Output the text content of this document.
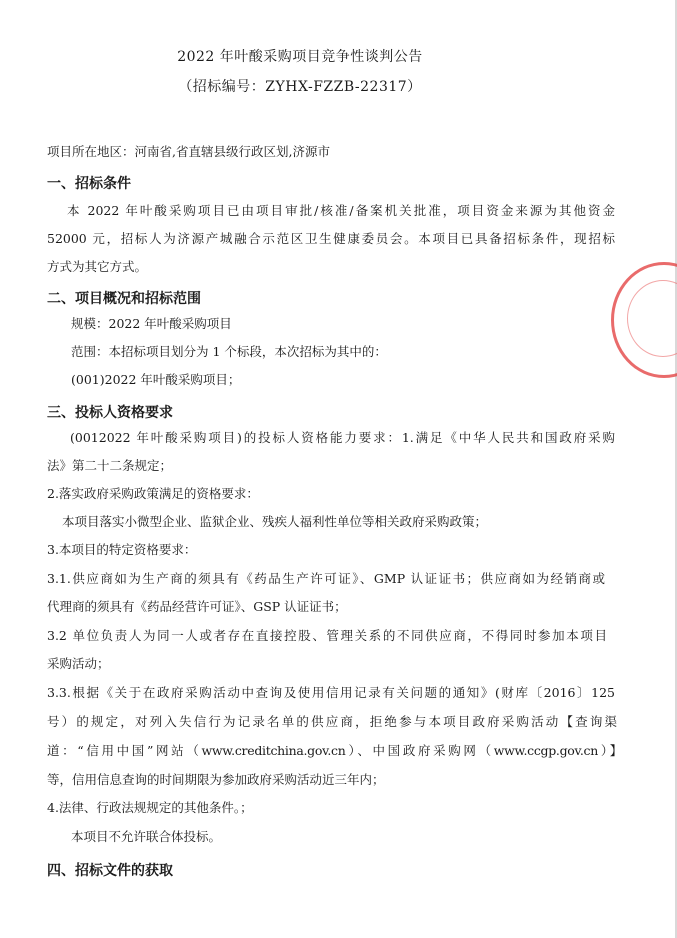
2022 年叶酸采购项目竞争性谈判公告
（招标编号：ZYHX-FZZB-22317）
项目所在地区：河南省,省直辖县级行政区划,济源市
一、招标条件
本 2022 年叶酸采购项目已由项目审批/核准/备案机关批准，项目资金来源为其他资金
52000 元，招标人为济源产城融合示范区卫生健康委员会。本项目已具备招标条件，现招标
方式为其它方式。
二、项目概况和招标范围
规模：2022 年叶酸采购项目
范围：本招标项目划分为 1 个标段，本次招标为其中的：
(001)2022 年叶酸采购项目；
三、投标人资格要求
(0012022 年叶酸采购项目)的投标人资格能力要求：1.满足《中华人民共和国政府采购
法》第二十二条规定；
2.落实政府采购政策满足的资格要求：
本项目落实小微型企业、监狱企业、残疾人福利性单位等相关政府采购政策；
3.本项目的特定资格要求：
3.1.供应商如为生产商的须具有《药品生产许可证》、GMP 认证证书；供应商如为经销商或
代理商的须具有《药品经营许可证》、GSP 认证证书；
3.2 单位负责人为同一人或者存在直接控股、管理关系的不同供应商，不得同时参加本项目
采购活动；
3.3.根据《关于在政府采购活动中查询及使用信用记录有关问题的通知》(财库〔2016〕125
号）的规定，对列入失信行为记录名单的供应商，拒绝参与本项目政府采购活动【查询渠
道：“信用中国”网站（www.creditchina.gov.cn）、中国政府采购网（www.ccgp.gov.cn）】
等，信用信息查询的时间期限为参加政府采购活动近三年内；
4.法律、行政法规规定的其他条件。；
本项目不允许联合体投标。
四、招标文件的获取
